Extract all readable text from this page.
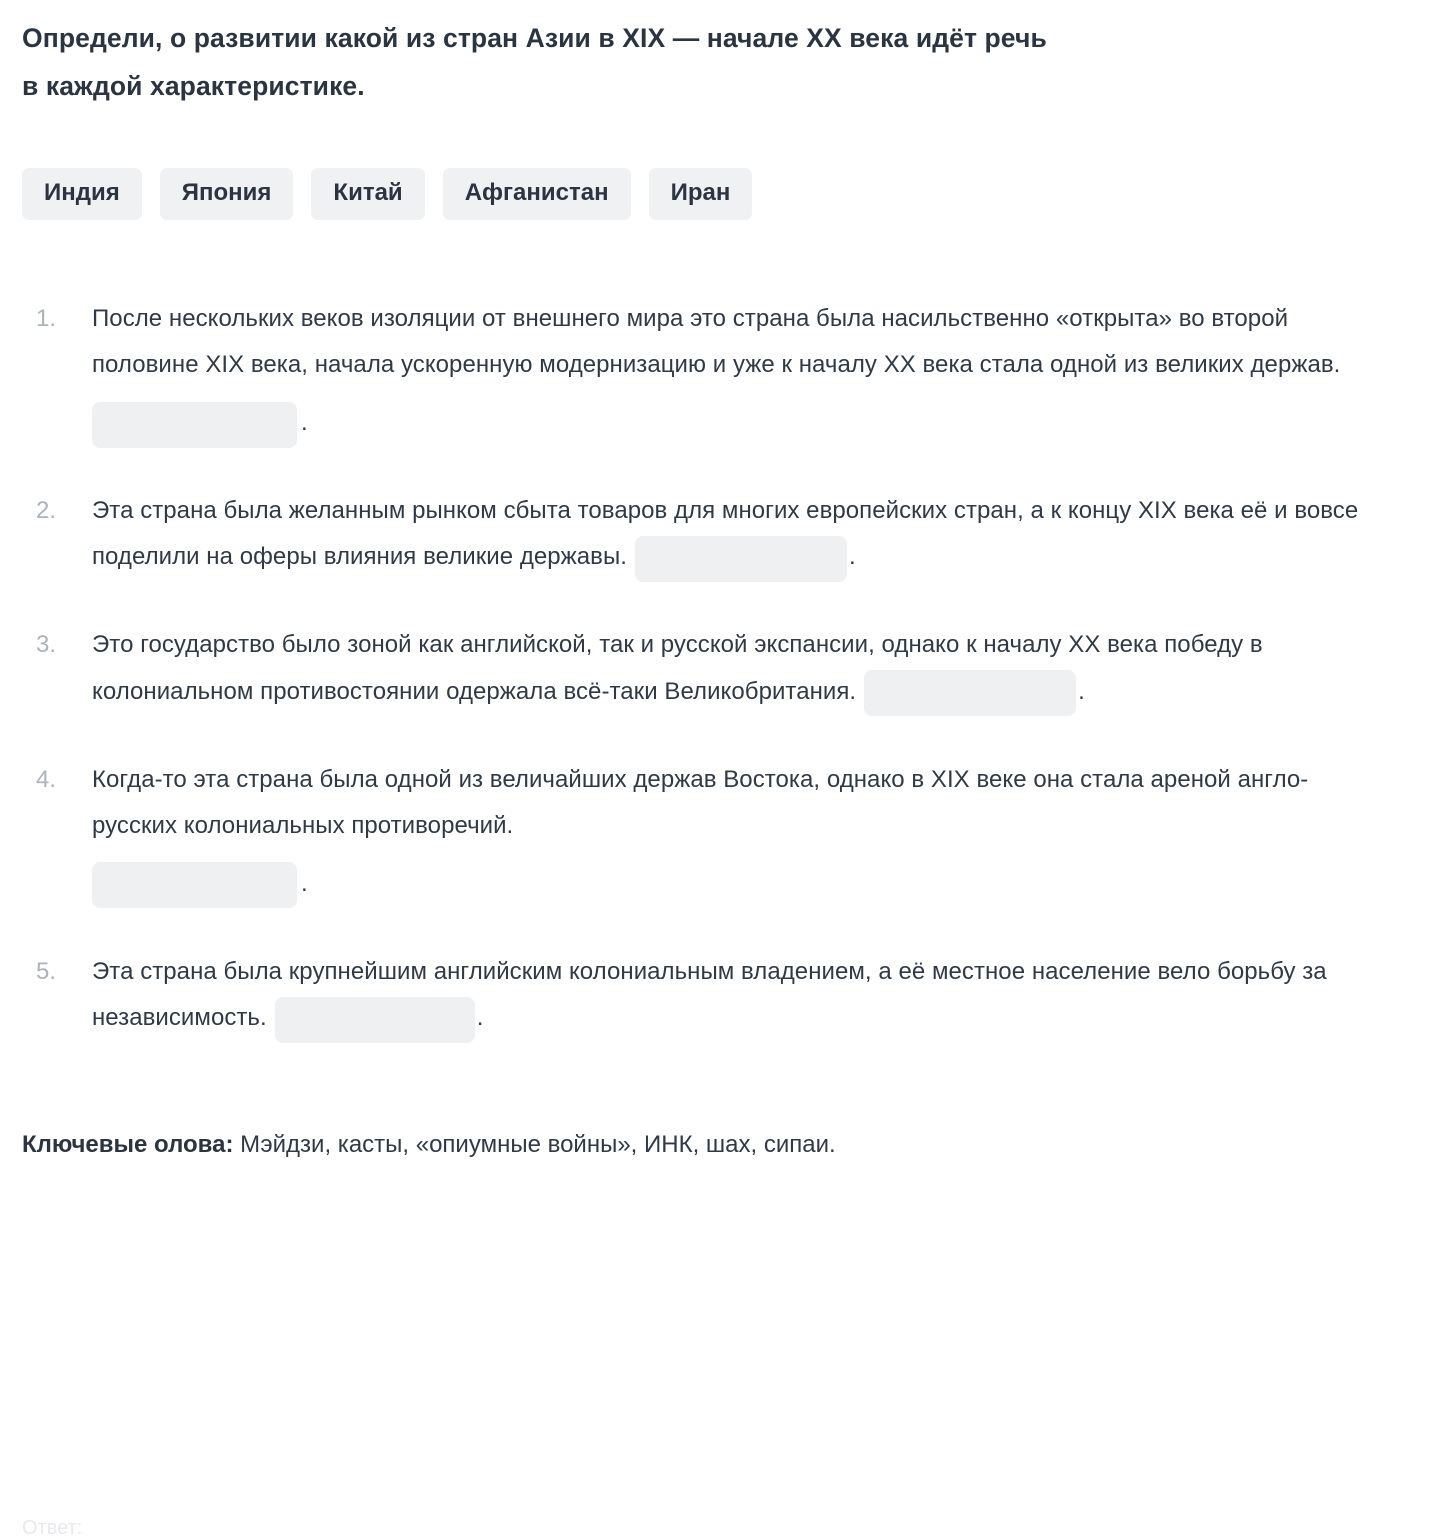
Определи, о развитии какой из стран Азии в XIX — начале XX века идёт речь
в каждой характеристике.
Индия	Япония	Китай	Афганистан	Иран
1.	После нескольких веков изоляции от внешнего мира это страна была насильственно «открыта» во второй половине XIX века, начала ускоренную модернизацию и уже к началу XX века стала одной из великих держав.
.
2.	Эта страна была желанным рынком сбыта товаров для многих европейских стран, а к концу XIX века её и вовсе поделили на оферы влияния великие державы.	.
3.	Это государство было зоной как английской, так и русской экспансии, однако к началу XX века победу в колониальном противостоянии одержала всё-таки Великобритания.	.
4.	Когда-то эта страна была одной из величайших держав Востока, однако в XIX веке она стала ареной англо-русских колониальных противоречий.
.
5.	Эта страна была крупнейшим английским колониальным владением, а её местное население вело борьбу за независимость.	.
Ключевые олова: Мэйдзи, касты, «опиумные войны», ИНК, шах, сипаи.
Ответ:
